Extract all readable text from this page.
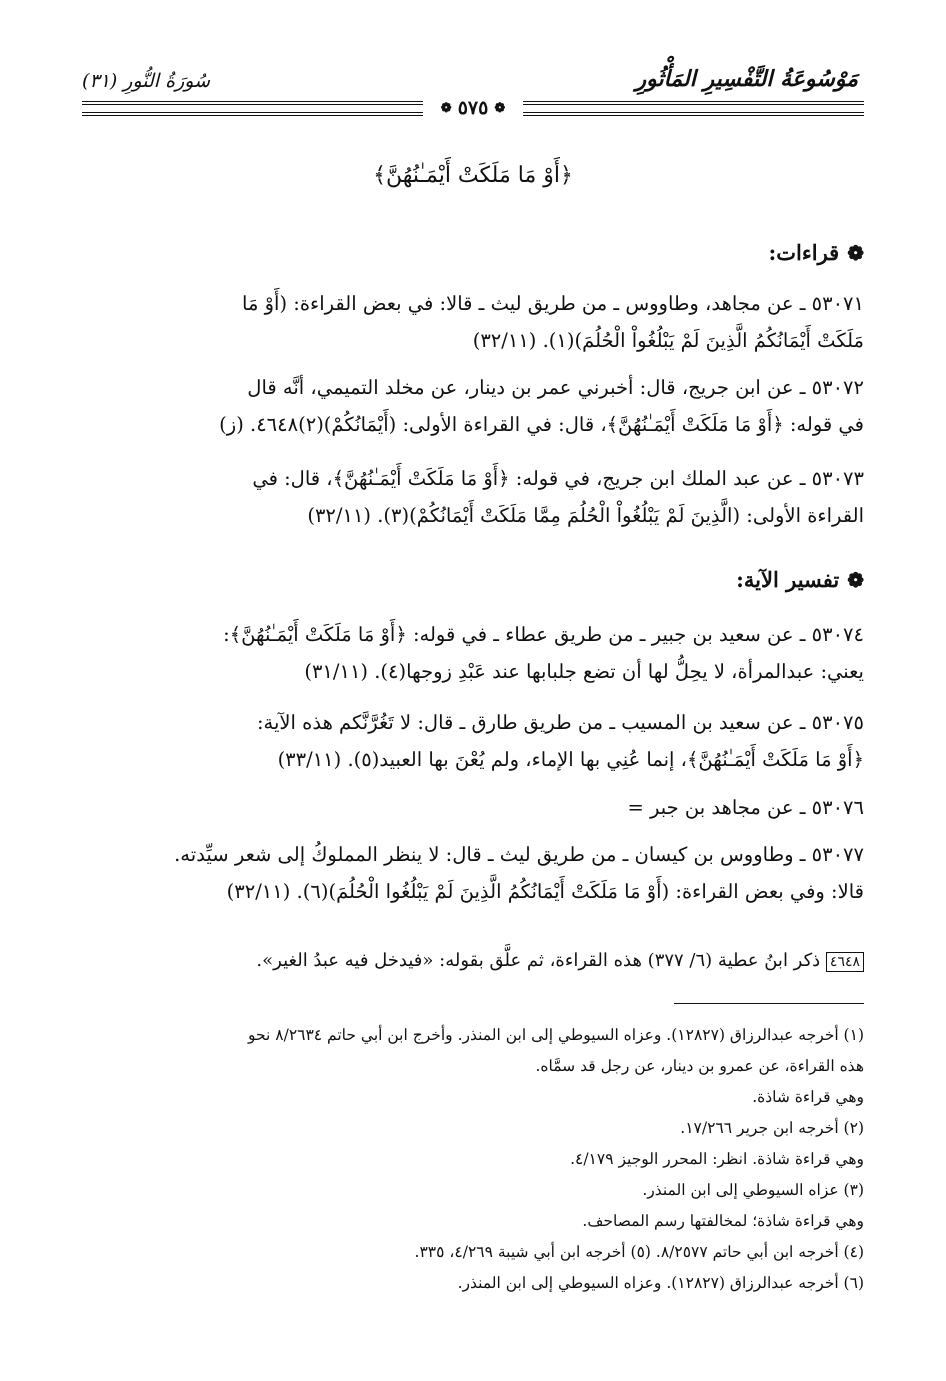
مَوْسُوعَةُ التَّفْسِيرِ المَأْثُورِ
سُورَةُ النُّورِ (٣١)
❁
٥٧٥
❁
﴿أَوْ مَا مَلَكَتْ أَيْمَـٰنُهُنَّ﴾
❁قراءات:
٥٣٠٧١ ـ عن مجاهد، وطاووس ـ من طريق ليث ـ قالا: في بعض القراءة: (أَوْ مَا
مَلَكَتْ أَيْمَانُكُمُ الَّذِينَ لَمْ يَبْلُغُواْ الْحُلُمَ)(١). (٣٢/١١)
٥٣٠٧٢ ـ عن ابن جريج، قال: أخبرني عمر بن دينار، عن مخلد التميمي، أنَّه قال
في قوله: ﴿أَوْ مَا مَلَكَتْ أَيْمَـٰنُهُنَّ﴾، قال: في القراءة الأولى: (أَيْمَانُكُمْ)(٢)٤٦٤٨. (ز)
٥٣٠٧٣ ـ عن عبد الملك ابن جريج، في قوله: ﴿أَوْ مَا مَلَكَتْ أَيْمَـٰنُهُنَّ﴾، قال: في
القراءة الأولى: (الَّذِينَ لَمْ يَبْلُغُواْ الْحُلُمَ مِمَّا مَلَكَتْ أَيْمَانُكُمْ)(٣). (٣٢/١١)
❁تفسير الآية:
٥٣٠٧٤ ـ عن سعيد بن جبير ـ من طريق عطاء ـ في قوله: ﴿أَوْ مَا مَلَكَتْ أَيْمَـٰنُهُنَّ﴾:
يعني: عبدالمرأة، لا يحِلُّ لها أن تضع جلبابها عند عَبْدِ زوجها(٤). (٣١/١١)
٥٣٠٧٥ ـ عن سعيد بن المسيب ـ من طريق طارق ـ قال: لا تَغُرَّنَّكم هذه الآية:
﴿أَوْ مَا مَلَكَتْ أَيْمَـٰنُهُنَّ﴾، إنما عُنِي بها الإماء، ولم يُعْنَ بها العبيد(٥). (٣٣/١١)
٥٣٠٧٦ ـ عن مجاهد بن جبر =
٥٣٠٧٧ ـ وطاووس بن كيسان ـ من طريق ليث ـ قال: لا ينظر المملوكُ إلى شعر سيِّدته.
قالا: وفي بعض القراءة: (أَوْ مَا مَلَكَتْ أَيْمَانُكُمُ الَّذِينَ لَمْ يَبْلُغُوا الْحُلُمَ)(٦). (٣٢/١١)
٤٦٤٨ ذكر ابنُ عطية (٦/ ٣٧٧) هذه القراءة، ثم علَّق بقوله: «فيدخل فيه عبدُ الغير».
(١) أخرجه عبدالرزاق (١٢٨٢٧). وعزاه السيوطي إلى ابن المنذر. وأخرج ابن أبي حاتم ٨/٢٦٣٤ نحو
هذه القراءة، عن عمرو بن دينار، عن رجل قد سمَّاه.
وهي قراءة شاذة.
(٢) أخرجه ابن جرير ١٧/٢٦٦.
وهي قراءة شاذة. انظر: المحرر الوجيز ٤/١٧٩.
(٣) عزاه السيوطي إلى ابن المنذر.
وهي قراءة شاذة؛ لمخالفتها رسم المصاحف.
(٤) أخرجه ابن أبي حاتم ٨/٢٥٧٧. (٥) أخرجه ابن أبي شيبة ٤/٢٦٩، ٣٣٥.
(٦) أخرجه عبدالرزاق (١٢٨٢٧). وعزاه السيوطي إلى ابن المنذر.
